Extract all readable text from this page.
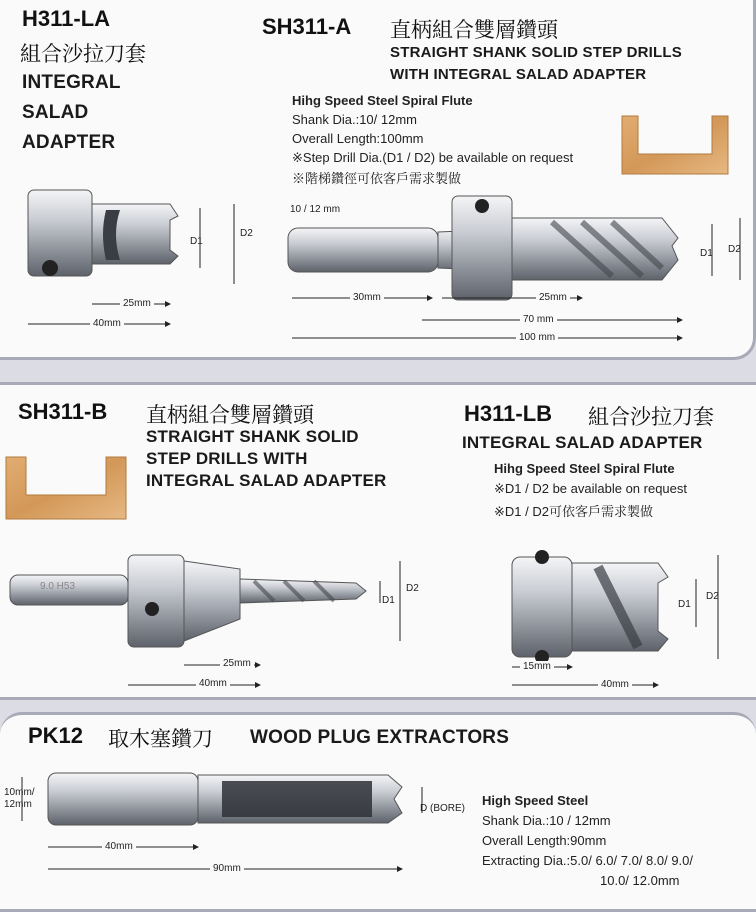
H311-LA
組合沙拉刀套
INTEGRAL
SALAD
ADAPTER
SH311-A 直柄組合雙層鑽頭
STRAIGHT SHANK SOLID STEP DRILLS
WITH INTEGRAL SALAD ADAPTER
Hihg Speed Steel Spiral Flute
Shank Dia.:10/ 12mm
Overall Length:100mm
※Step Drill Dia.(D1 / D2) be available on request
※階梯鑽徑可依客戶需求製做
D1
D2
25mm
40mm
10 / 12 mm
D1 D2
30mm	25mm
70 mm
100 mm
SH311-B 直柄組合雙層鑽頭
STRAIGHT SHANK SOLID
STEP DRILLS WITH
INTEGRAL SALAD ADAPTER
H311-LB 組合沙拉刀套
INTEGRAL SALAD ADAPTER
Hihg Speed Steel Spiral Flute
※D1 / D2 be available on request
※D1 / D2可依客戶需求製做
9.0 H53
D1
D2
25mm
40mm
D1
D2
15mm
40mm
PK12 取木塞鑽刀 WOOD PLUG EXTRACTORS
High Speed Steel
Shank Dia.:10 / 12mm
Overall Length:90mm
Extracting Dia.:5.0/ 6.0/ 7.0/ 8.0/ 9.0/
10.0/ 12.0mm
10mm/
12mm	D (BORE)
40mm
90mm
